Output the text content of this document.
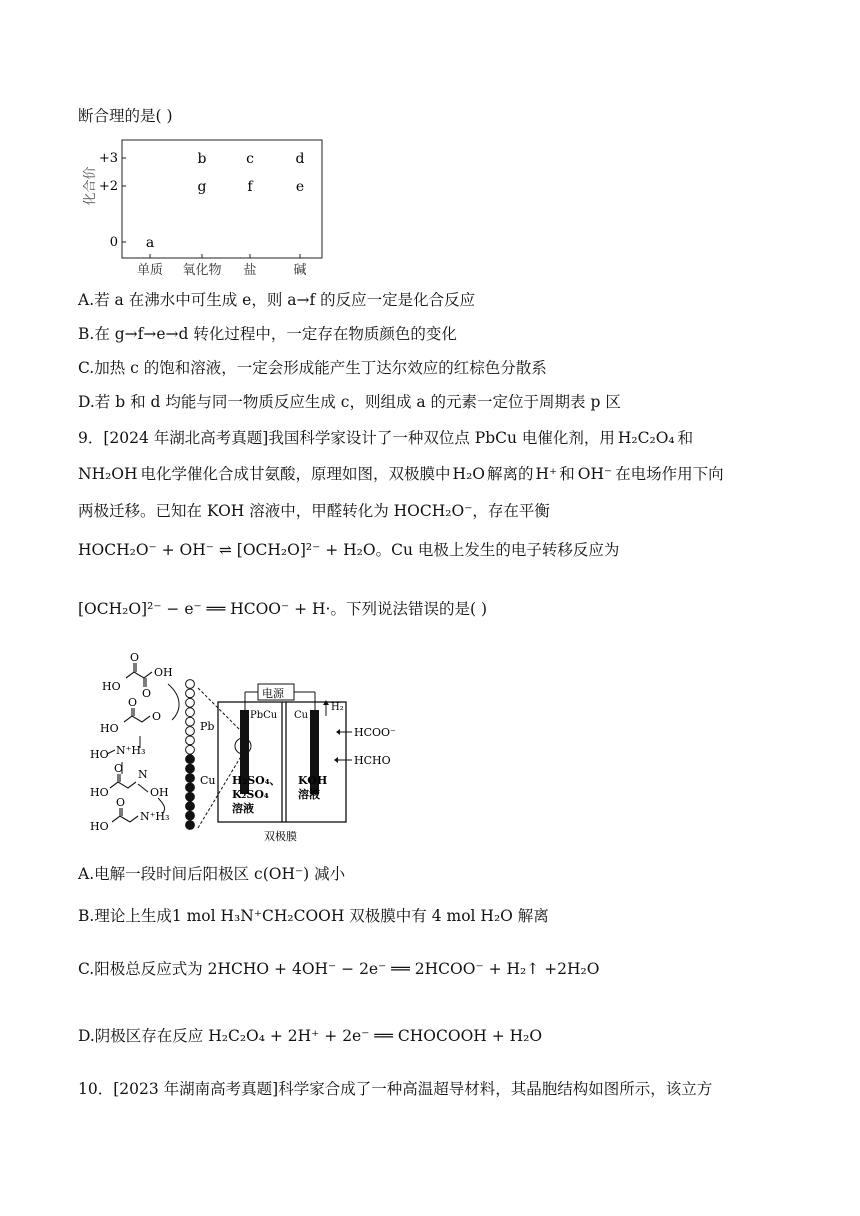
断合理的是( )
化合价
+3
+2
0
单质 氧化物 盐	碱
a
b
g
c
f
d
e
A.若 a 在沸水中可生成 e，则 a→f 的反应一定是化合反应
B.在 g→f→e→d 转化过程中，一定存在物质颜色的变化
C.加热 c 的饱和溶液，一定会形成能产生丁达尔效应的红棕色分散系
D.若 b 和 d 均能与同一物质反应生成 c，则组成 a 的元素一定位于周期表 p 区
9．[2024 年湖北高考真题]我国科学家设计了一种双位点 PbCu 电催化剂，用 H₂C₂O₄ 和
NH₂OH 电化学催化合成甘氨酸，原理如图，双极膜中 H₂O 解离的 H⁺ 和 OH⁻ 在电场作用下向
两极迁移。已知在 KOH 溶液中，甲醛转化为 HOCH₂O⁻，存在平衡
HOCH₂O⁻ + OH⁻ ⇌ [OCH₂O]²⁻ + H₂O。Cu 电极上发生的电子转移反应为
[OCH₂O]²⁻ − e⁻ ══ HCOO⁻ + H·。下列说法错误的是( )
HO
O
OH
O
HO
O
O
HO N⁺H₃
HO
O N
OH
HO
O
N⁺H₃
Pb
Cu
电源
PbCu Cu
H₂
HCOO⁻
HCHO
H₂SO₄、
K₂SO₄
溶液
KOH
溶液
双极膜
A.电解一段时间后阳极区 c(OH⁻) 减小
B.理论上生成1 mol H₃N⁺CH₂COOH 双极膜中有 4 mol H₂O 解离
C.阳极总反应式为 2HCHO + 4OH⁻ − 2e⁻ ══ 2HCOO⁻ + H₂↑ +2H₂O
D.阴极区存在反应 H₂C₂O₄ + 2H⁺ + 2e⁻ ══ CHOCOOH + H₂O
10．[2023 年湖南高考真题]科学家合成了一种高温超导材料，其晶胞结构如图所示，该立方
